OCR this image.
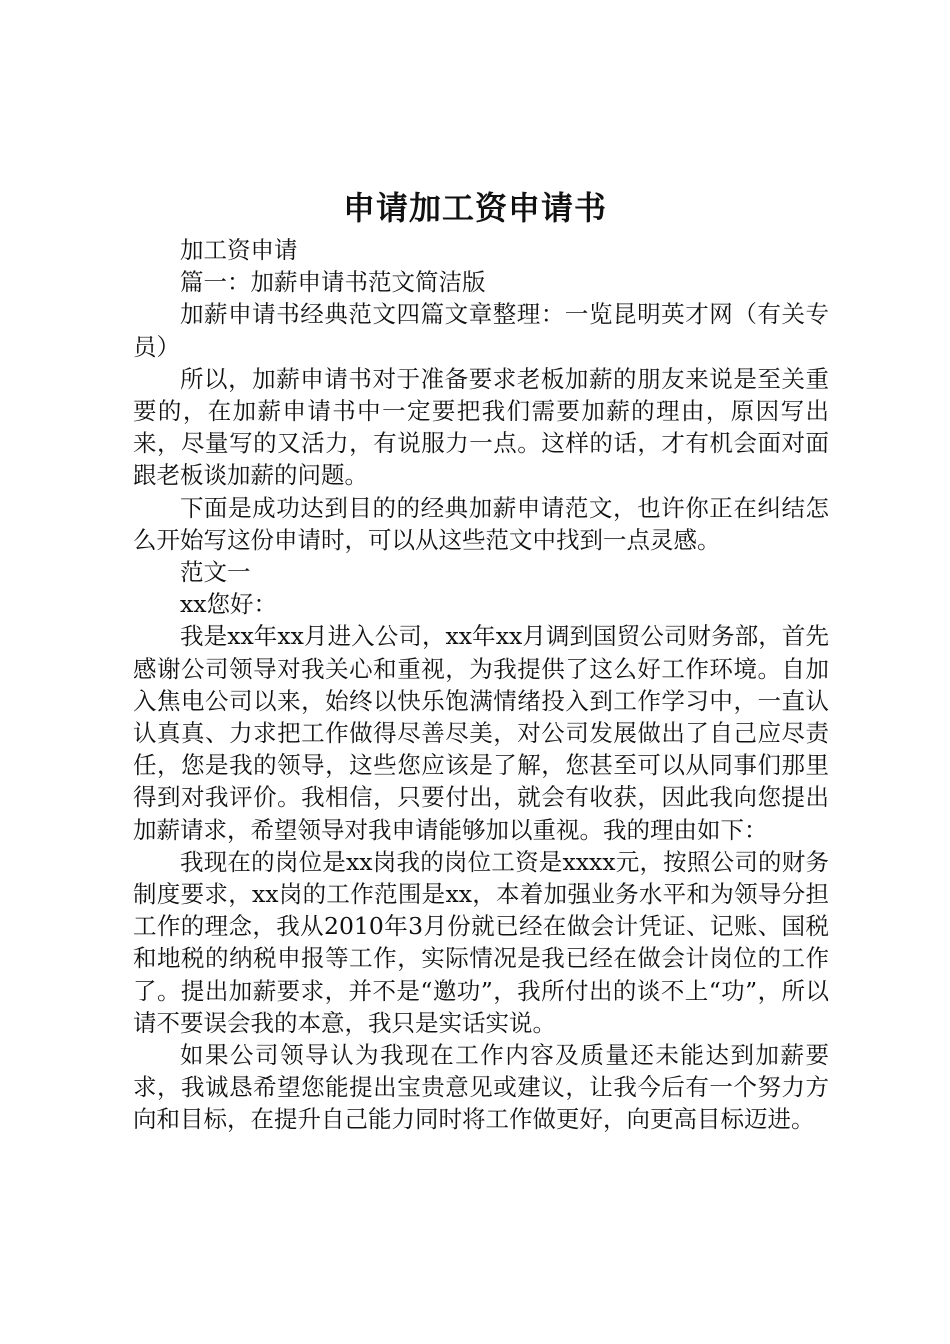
申请加工资申请书

加工资申请

篇一：加薪申请书范文简洁版

加薪申请书经典范文四篇文章整理：一览昆明英才网（有关专员）

所以，加薪申请书对于准备要求老板加薪的朋友来说是至关重要的，在加薪申请书中一定要把我们需要加薪的理由，原因写出来，尽量写的又活力，有说服力一点。这样的话，才有机会面对面跟老板谈加薪的问题。

下面是成功达到目的的经典加薪申请范文，也许你正在纠结怎么开始写这份申请时，可以从这些范文中找到一点灵感。

范文一

xx您好：

我是xx年xx月进入公司，xx年xx月调到国贸公司财务部，首先感谢公司领导对我关心和重视，为我提供了这么好工作环境。自加入焦电公司以来，始终以快乐饱满情绪投入到工作学习中，一直认认真真、力求把工作做得尽善尽美，对公司发展做出了自己应尽责任，您是我的领导，这些您应该是了解，您甚至可以从同事们那里得到对我评价。我相信，只要付出，就会有收获，因此我向您提出加薪请求，希望领导对我申请能够加以重视。我的理由如下：

我现在的岗位是xx岗我的岗位工资是xxxx元，按照公司的财务制度要求，xx岗的工作范围是xx，本着加强业务水平和为领导分担工作的理念，我从2010年3月份就已经在做会计凭证、记账、国税和地税的纳税申报等工作，实际情况是我已经在做会计岗位的工作了。提出加薪要求，并不是“邀功”，我所付出的谈不上“功”，所以请不要误会我的本意，我只是实话实说。

如果公司领导认为我现在工作内容及质量还未能达到加薪要求，我诚恳希望您能提出宝贵意见或建议，让我今后有一个努力方向和目标，在提升自己能力同时将工作做更好，向更高目标迈进。
